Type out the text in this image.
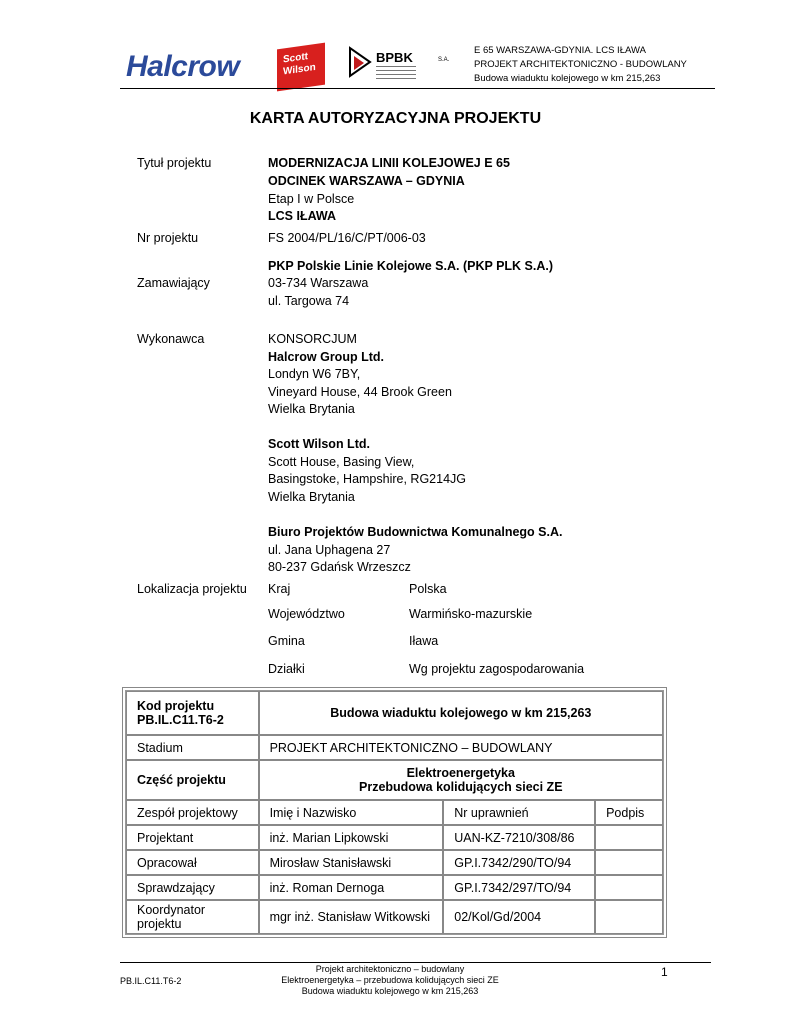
Halcrow	Scott
Wilson
BPBK	S.A.
E 65 WARSZAWA-GDYNIA. LCS IŁAWA
PROJEKT ARCHITEKTONICZNO - BUDOWLANY
Budowa wiaduktu kolejowego w km 215,263
KARTA AUTORYZACYJNA PROJEKTU
Tytuł projektu	MODERNIZACJA LINII KOLEJOWEJ E 65
ODCINEK WARSZAWA – GDYNIA
Etap I w Polsce
LCS IŁAWA
Nr projektu	FS 2004/PL/16/C/PT/006-03
PKP Polskie Linie Kolejowe S.A. (PKP PLK S.A.)
Zamawiający	03-734 Warszawa
ul. Targowa 74
Wykonawca	KONSORCJUM
Halcrow Group Ltd.
Londyn W6 7BY,
Vineyard House, 44 Brook Green
Wielka Brytania
Scott Wilson Ltd.
Scott House, Basing View,
Basingstoke, Hampshire, RG214JG
Wielka Brytania
Biuro Projektów Budownictwa Komunalnego S.A.
ul. Jana Uphagena 27
80-237 Gdańsk Wrzeszcz
Lokalizacja projektu Kraj	Polska
Województwo	Warmińsko-mazurskie
Gmina	Iława
Działki	Wg projektu zagospodarowania
Kod projektu
PB.IL.C11.T6-2	Budowa wiaduktu kolejowego w km 215,263		
Stadium	PROJEKT ARCHITEKTONICZNO – BUDOWLANY		
Część projektu	Elektroenergetyka
Przebudowa kolidujących sieci ZE		

Zespół projektowy	Imię i Nazwisko	Nr uprawnień	Podpis
Projektant	inż. Marian Lipkowski	UAN-KZ-7210/308/86	
Opracował	Mirosław Stanisławski	GP.I.7342/290/TO/94	
Sprawdzający	inż. Roman Dernoga	GP.I.7342/297/TO/94	
Koordynator projektu	mgr inż. Stanisław Witkowski	02/Kol/Gd/2004	
PB.IL.C11.T6-2
Projekt architektoniczno – budowlany
Elektroenergetyka – przebudowa kolidujących sieci ZE
Budowa wiaduktu kolejowego w km 215,263
1
